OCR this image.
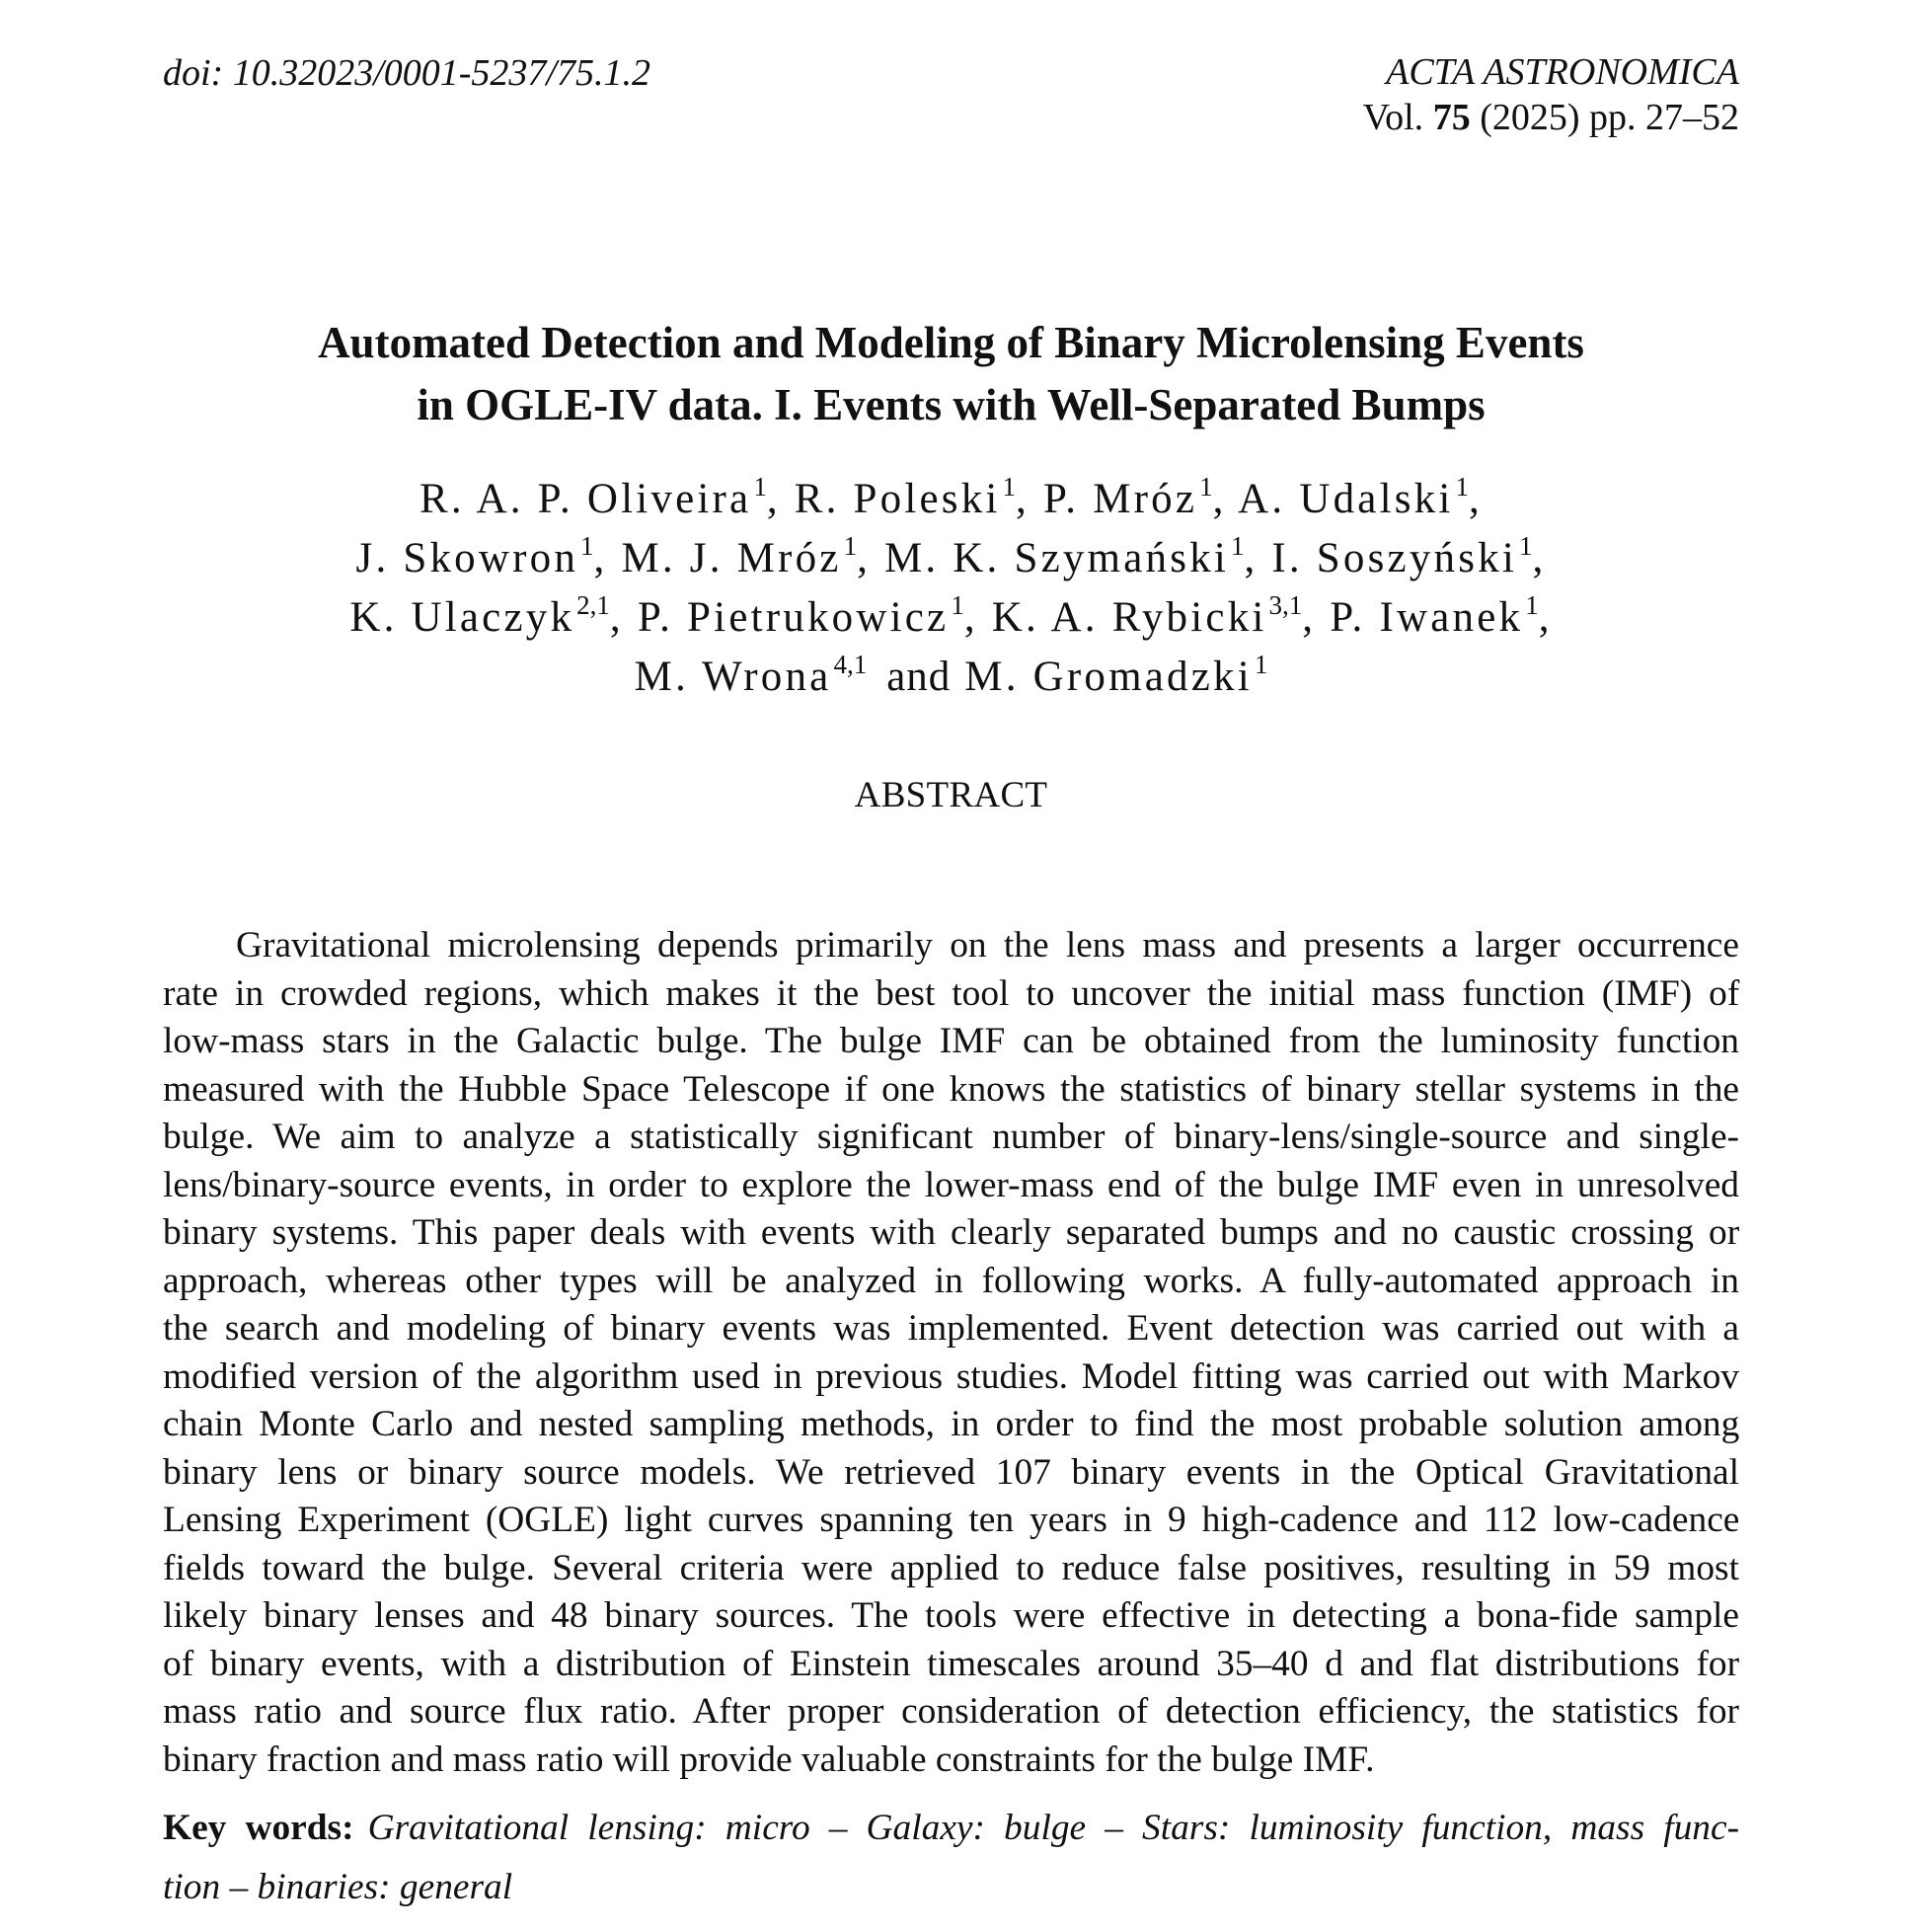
doi: 10.32023/0001-5237/75.1.2	ACTA ASTRONOMICA
Vol. 75 (2025) pp. 27–52
Automated Detection and Modeling of Binary Microlensing Events
in OGLE-IV data. I. Events with Well-Separated Bumps
R. A. P. Oliveira$^1$, R. Poleski$^1$, P. Mróz$^1$, A. Udalski$^1$,
J. Skowron$^1$, M. J. Mróz$^1$, M. K. Szymański$^1$, I. Soszyński$^1$,
K. Ulaczyk$^{2,1}$, P. Pietrukowicz$^1$, K. A. Rybicki$^{3,1}$, P. Iwanek$^1$,
M. Wrona$^{4,1}$ and M. Gromadzki$^1$
ABSTRACT
Gravitational microlensing depends primarily on the lens mass and presents a larger occurrence
rate in crowded regions, which makes it the best tool to uncover the initial mass function (IMF) of
low-mass stars in the Galactic bulge. The bulge IMF can be obtained from the luminosity function
measured with the Hubble Space Telescope if one knows the statistics of binary stellar systems in the
bulge. We aim to analyze a statistically significant number of binary-lens/single-source and single-
lens/binary-source events, in order to explore the lower-mass end of the bulge IMF even in unresolved
binary systems. This paper deals with events with clearly separated bumps and no caustic crossing or
approach, whereas other types will be analyzed in following works. A fully-automated approach in
the search and modeling of binary events was implemented. Event detection was carried out with a
modified version of the algorithm used in previous studies. Model fitting was carried out with Markov
chain Monte Carlo and nested sampling methods, in order to find the most probable solution among
binary lens or binary source models. We retrieved 107 binary events in the Optical Gravitational
Lensing Experiment (OGLE) light curves spanning ten years in 9 high-cadence and 112 low-cadence
fields toward the bulge. Several criteria were applied to reduce false positives, resulting in 59 most
likely binary lenses and 48 binary sources. The tools were effective in detecting a bona-fide sample
of binary events, with a distribution of Einstein timescales around 35–40 d and flat distributions for
mass ratio and source flux ratio. After proper consideration of detection efficiency, the statistics for
binary fraction and mass ratio will provide valuable constraints for the bulge IMF.
Key words: Gravitational lensing: micro – Galaxy: bulge – Stars: luminosity function, mass func-
tion – binaries: general
